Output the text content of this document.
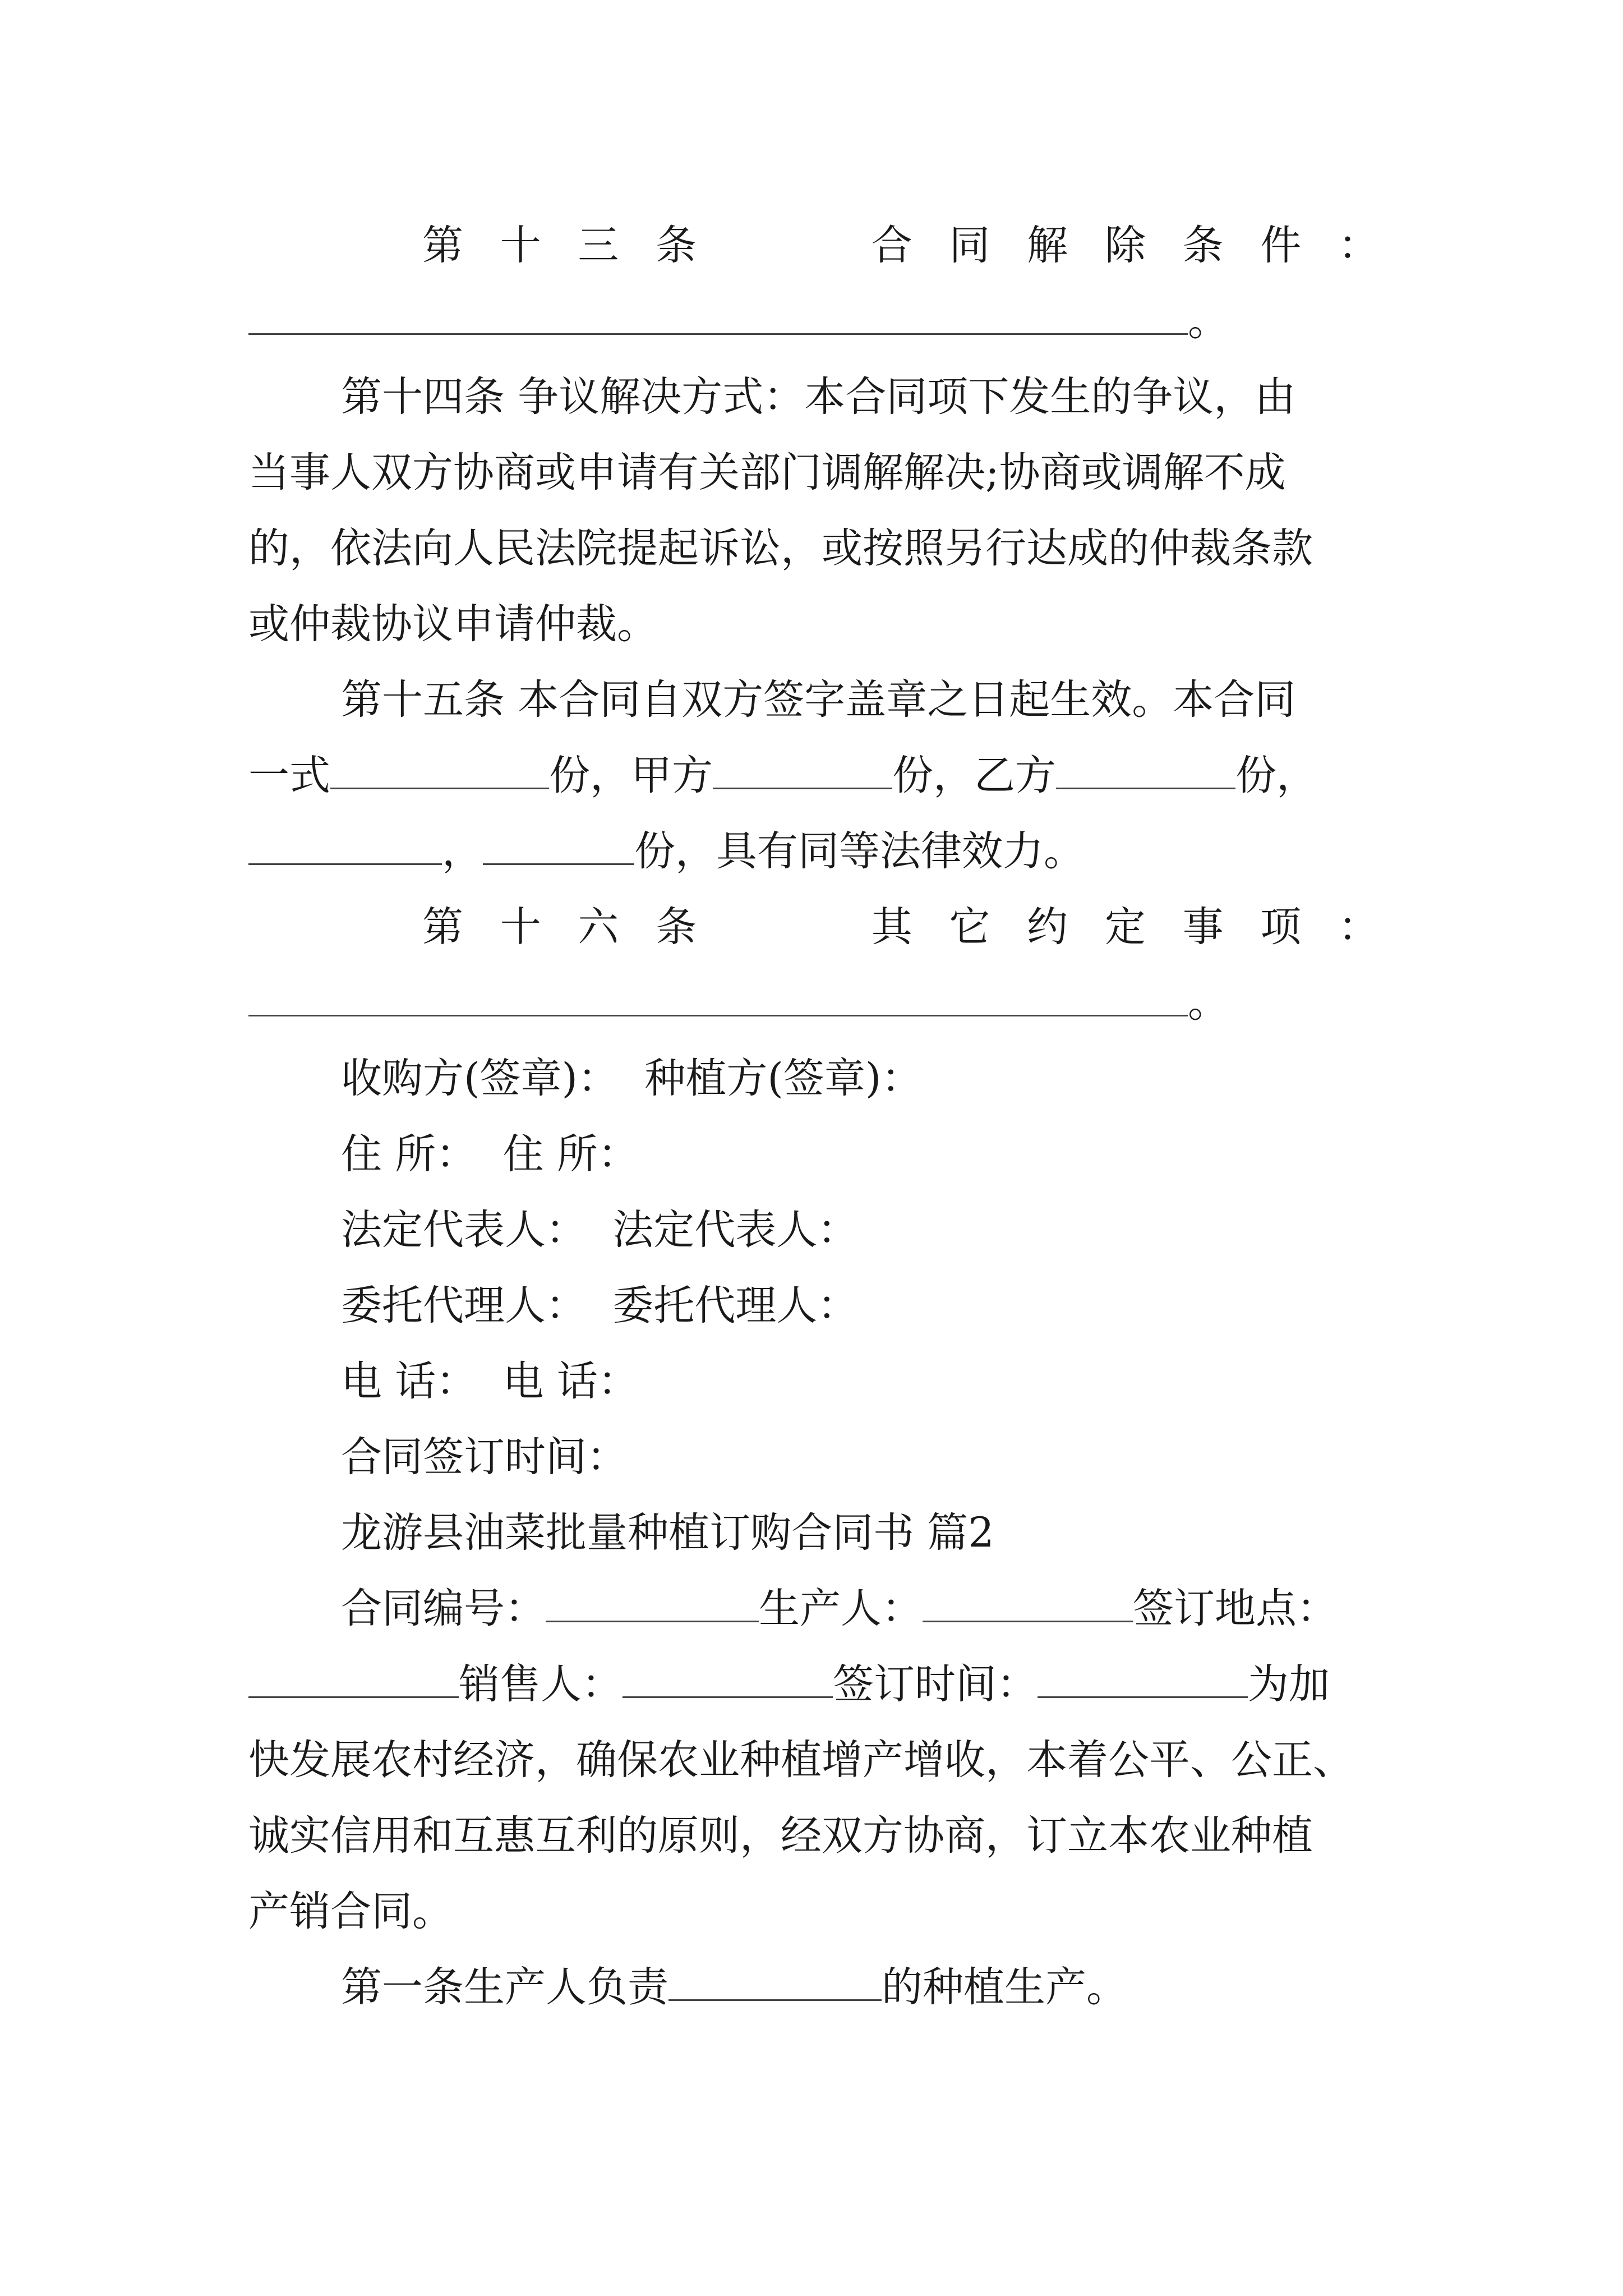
第十三条	合同解除条件：
。
第十四条 争议解决方式：本合同项下发生的争议，由
当事人双方协商或申请有关部门调解解决;协商或调解不成
的，依法向人民法院提起诉讼，或按照另行达成的仲裁条款
或仲裁协议申请仲裁。
第十五条 本合同自双方签字盖章之日起生效。本合同
一式	份，甲方	份，乙方	份，
，	份，具有同等法律效力。
第十六条	其它约定事项：
。
收购方(签章)：  种植方(签章)：
住 所：  住 所：
法定代表人：  法定代表人：
委托代理人：  委托代理人：
电 话：  电 话：
合同签订时间：
龙游县油菜批量种植订购合同书 篇2
合同编号：	生产人：	签订地点：
销售人：	签订时间：	为加
快发展农村经济，确保农业种植增产增收，本着公平、公正、
诚实信用和互惠互利的原则，经双方协商，订立本农业种植
产销合同。
第一条生产人负责	的种植生产。
